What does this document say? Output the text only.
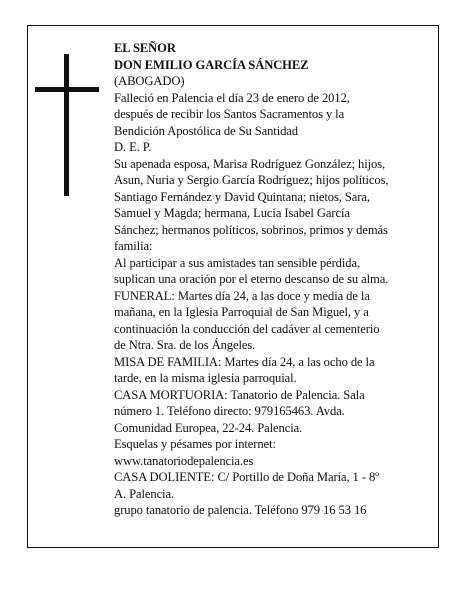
EL SEÑOR
DON EMILIO GARCÍA SÁNCHEZ
(ABOGADO)
Falleció en Palencia el día 23 de enero de 2012,
después de recibir los Santos Sacramentos y la
Bendición Apostólica de Su Santidad
D. E. P.
Su apenada esposa, Marisa Rodríguez González; hijos,
Asun, Nuria y Sergio García Rodríguez; hijos políticos,
Santiago Fernández y David Quintana; nietos, Sara,
Samuel y Magda; hermana, Lucía Isabel García
Sánchez; hermanos políticos, sobrinos, primos y demás
familia:
Al participar a sus amistades tan sensible pérdida,
suplican una oración por el eterno descanso de su alma.
FUNERAL: Martes día 24, a las doce y media de la
mañana, en la Iglesia Parroquial de San Miguel, y a
continuación la conducción del cadáver al cementerio
de Ntra. Sra. de los Ángeles.
MISA DE FAMILIA: Martes día 24, a las ocho de la
tarde, en la misma iglesia parroquial.
CASA MORTUORIA: Tanatorio de Palencia. Sala
número 1. Teléfono directo: 979165463. Avda.
Comunidad Europea, 22-24. Palencia.
Esquelas y pésames por internet:
www.tanatoriodepalencia.es
CASA DOLIENTE: C/ Portillo de Doña María, 1 - 8º
A. Palencia.
grupo tanatorio de palencia. Teléfono 979 16 53 16
